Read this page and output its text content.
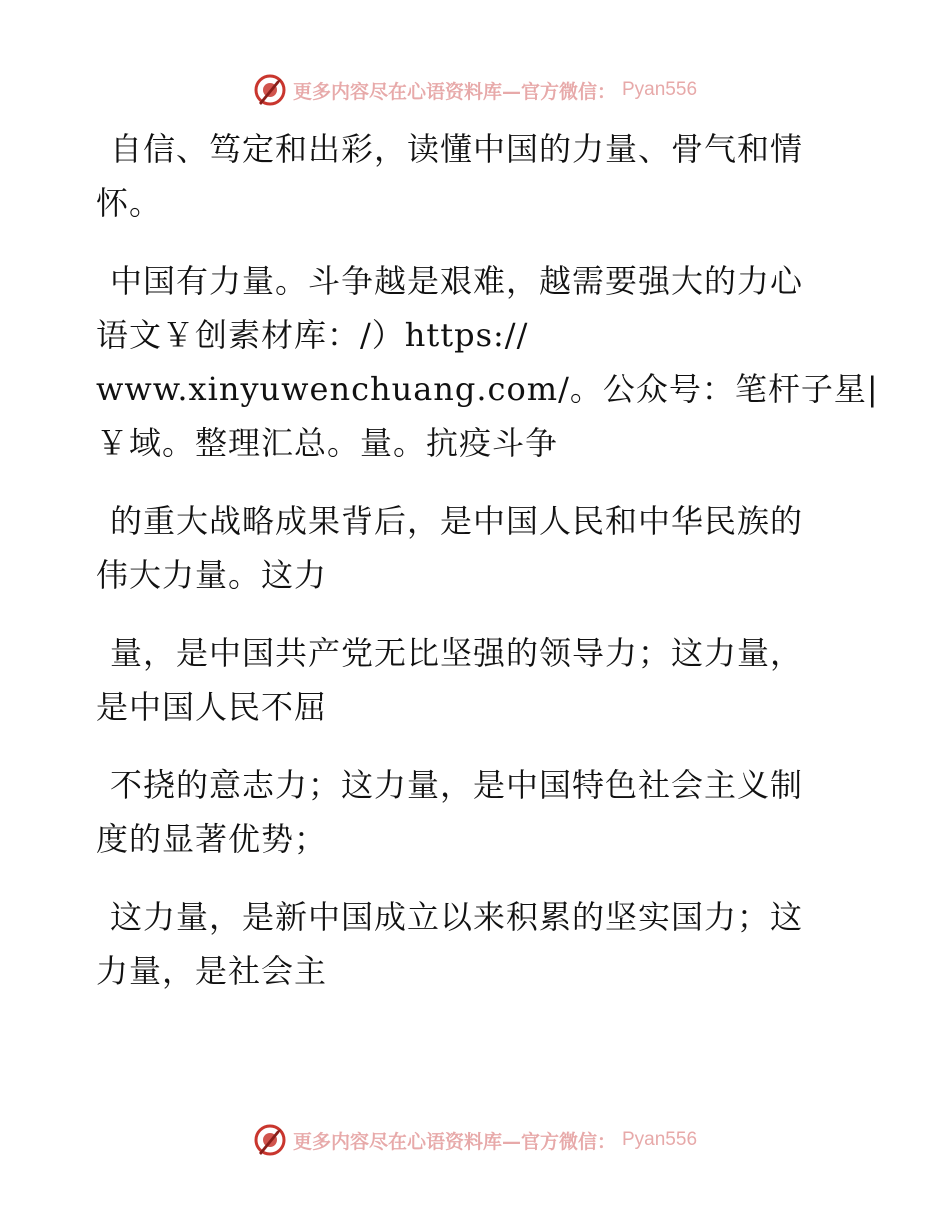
更多内容尽在心语资料库—官方微信： Pyan556

自信、笃定和出彩，读懂中国的力量、骨气和情
怀。

中国有力量。斗争越是艰难，越需要强大的力心
语文￥创素材库：/）https://
www.xinyuwenchuang.com/。公众号：笔杆子星|
￥域。整理汇总。量。抗疫斗争

的重大战略成果背后，是中国人民和中华民族的
伟大力量。这力

量，是中国共产党无比坚强的领导力；这力量，
是中国人民不屈

不挠的意志力；这力量，是中国特色社会主义制
度的显著优势；

这力量，是新中国成立以来积累的坚实国力；这
力量，是社会主

更多内容尽在心语资料库—官方微信： Pyan556
